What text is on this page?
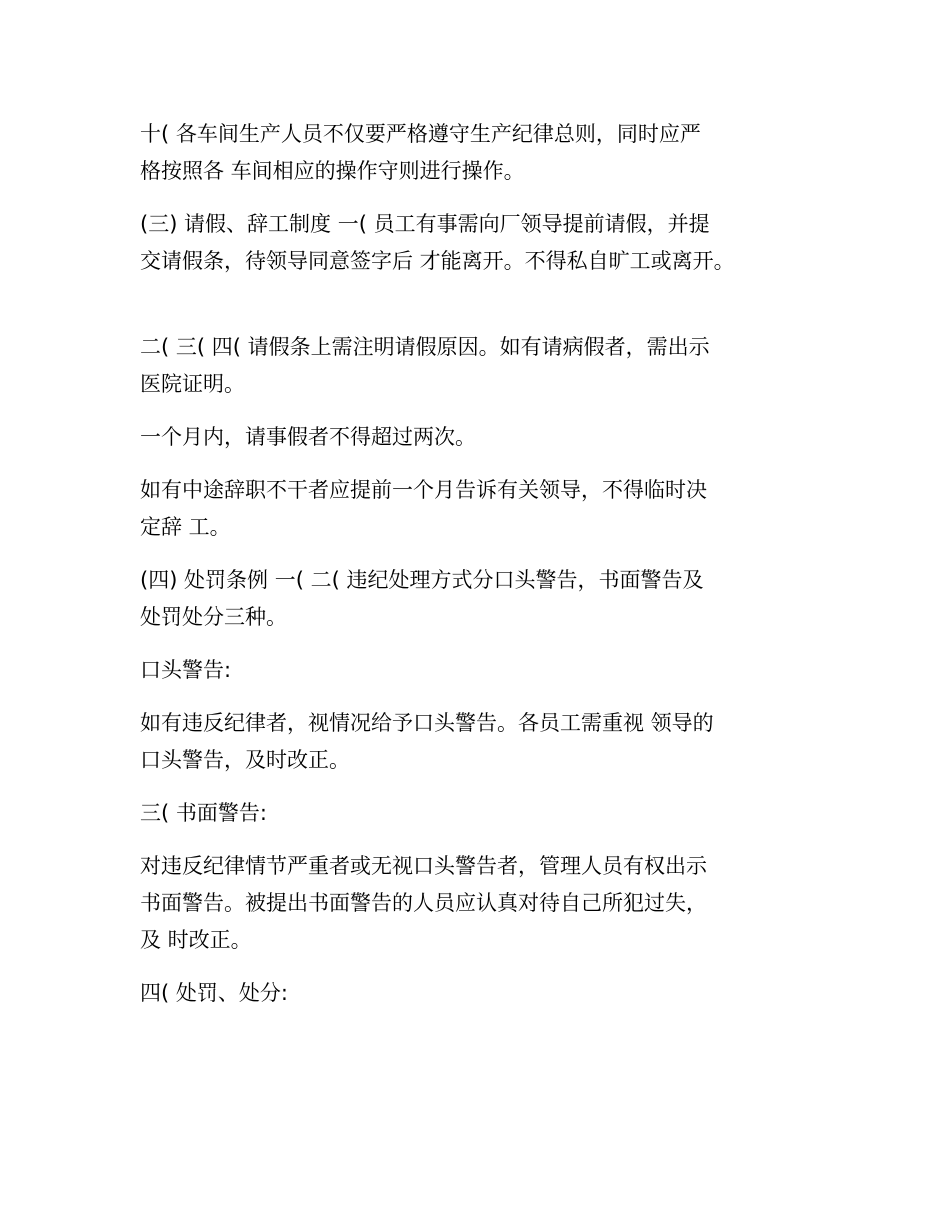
十( 各车间生产人员不仅要严格遵守生产纪律总则，同时应严
格按照各 车间相应的操作守则进行操作。

(三) 请假、辞工制度 一( 员工有事需向厂领导提前请假，并提
交请假条，待领导同意签字后 才能离开。不得私自旷工或离开。

二( 三( 四( 请假条上需注明请假原因。如有请病假者，需出示
医院证明。

一个月内，请事假者不得超过两次。

如有中途辞职不干者应提前一个月告诉有关领导，不得临时决
定辞 工。

(四) 处罚条例 一( 二( 违纪处理方式分口头警告，书面警告及
处罚处分三种。

口头警告:

如有违反纪律者，视情况给予口头警告。各员工需重视 领导的
口头警告，及时改正。

三( 书面警告:

对违反纪律情节严重者或无视口头警告者，管理人员有权出示
书面警告。被提出书面警告的人员应认真对待自己所犯过失，
及 时改正。

四( 处罚、处分:
